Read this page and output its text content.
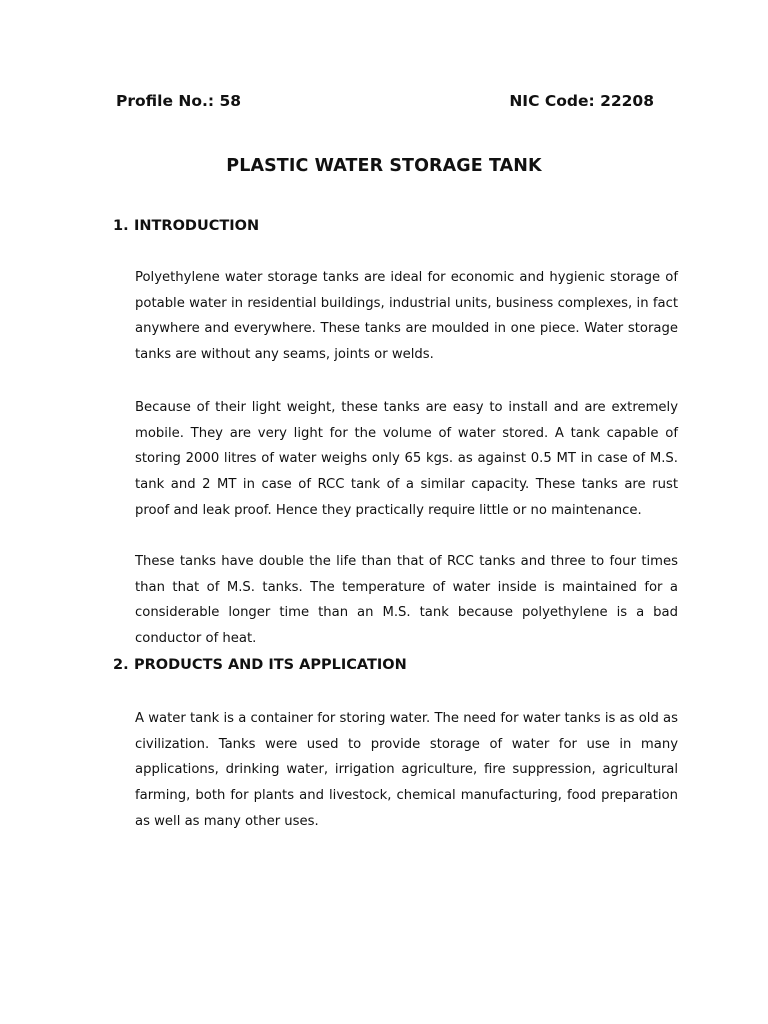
Profile No.: 58	NIC Code: 22208
PLASTIC WATER STORAGE TANK
1. INTRODUCTION

Polyethylene water storage tanks are ideal for economic and hygienic storage of potable water in residential buildings, industrial units, business complexes, in fact anywhere and everywhere. These tanks are moulded in one piece. Water storage tanks are without any seams, joints or welds.

Because of their light weight, these tanks are easy to install and are extremely mobile. They are very light for the volume of water stored. A tank capable of storing 2000 litres of water weighs only 65 kgs. as against 0.5 MT in case of M.S. tank and 2 MT in case of RCC tank of a similar capacity. These tanks are rust proof and leak proof. Hence they practically require little or no maintenance.

These tanks have double the life than that of RCC tanks and three to four times than that of M.S. tanks. The temperature of water inside is maintained for a considerable longer time than an M.S. tank because polyethylene is a bad conductor of heat.

2. PRODUCTS AND ITS APPLICATION

A water tank is a container for storing water. The need for water tanks is as old as civilization. Tanks were used to provide storage of water for use in many applications, drinking water, irrigation agriculture, fire suppression, agricultural farming, both for plants and livestock, chemical manufacturing, food preparation as well as many other uses.
